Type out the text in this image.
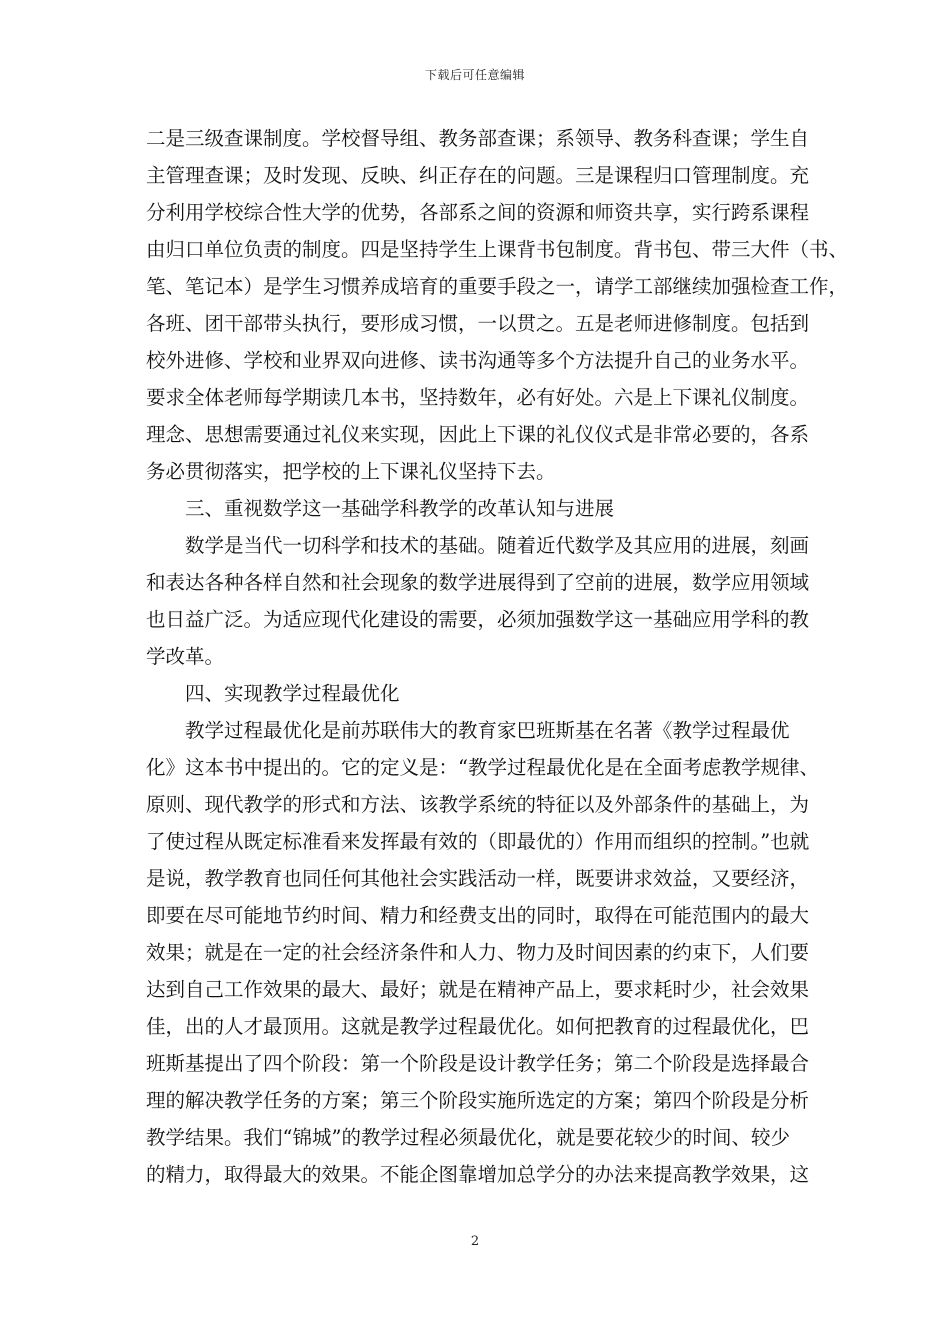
下载后可任意编辑
二是三级查课制度。学校督导组、教务部查课；系领导、教务科查课；学生自
主管理查课；及时发现、反映、纠正存在的问题。三是课程归口管理制度。充
分利用学校综合性大学的优势，各部系之间的资源和师资共享，实行跨系课程
由归口单位负责的制度。四是坚持学生上课背书包制度。背书包、带三大件（书、
笔、笔记本）是学生习惯养成培育的重要手段之一，请学工部继续加强检查工作，
各班、团干部带头执行，要形成习惯，一以贯之。五是老师进修制度。包括到
校外进修、学校和业界双向进修、读书沟通等多个方法提升自己的业务水平。
要求全体老师每学期读几本书，坚持数年，必有好处。六是上下课礼仪制度。
理念、思想需要通过礼仪来实现，因此上下课的礼仪仪式是非常必要的，各系
务必贯彻落实，把学校的上下课礼仪坚持下去。
三、重视数学这一基础学科教学的改革认知与进展
数学是当代一切科学和技术的基础。随着近代数学及其应用的进展，刻画
和表达各种各样自然和社会现象的数学进展得到了空前的进展，数学应用领域
也日益广泛。为适应现代化建设的需要，必须加强数学这一基础应用学科的教
学改革。
四、实现教学过程最优化
教学过程最优化是前苏联伟大的教育家巴班斯基在名著《教学过程最优
化》这本书中提出的。它的定义是：“教学过程最优化是在全面考虑教学规律、
原则、现代教学的形式和方法、该教学系统的特征以及外部条件的基础上，为
了使过程从既定标准看来发挥最有效的（即最优的）作用而组织的控制。”也就
是说，教学教育也同任何其他社会实践活动一样，既要讲求效益，又要经济，
即要在尽可能地节约时间、精力和经费支出的同时，取得在可能范围内的最大
效果；就是在一定的社会经济条件和人力、物力及时间因素的约束下，人们要
达到自己工作效果的最大、最好；就是在精神产品上，要求耗时少，社会效果
佳，出的人才最顶用。这就是教学过程最优化。如何把教育的过程最优化，巴
班斯基提出了四个阶段：第一个阶段是设计教学任务；第二个阶段是选择最合
理的解决教学任务的方案；第三个阶段实施所选定的方案；第四个阶段是分析
教学结果。我们“锦城”的教学过程必须最优化，就是要花较少的时间、较少
的精力，取得最大的效果。不能企图靠增加总学分的办法来提高教学效果，这
2
